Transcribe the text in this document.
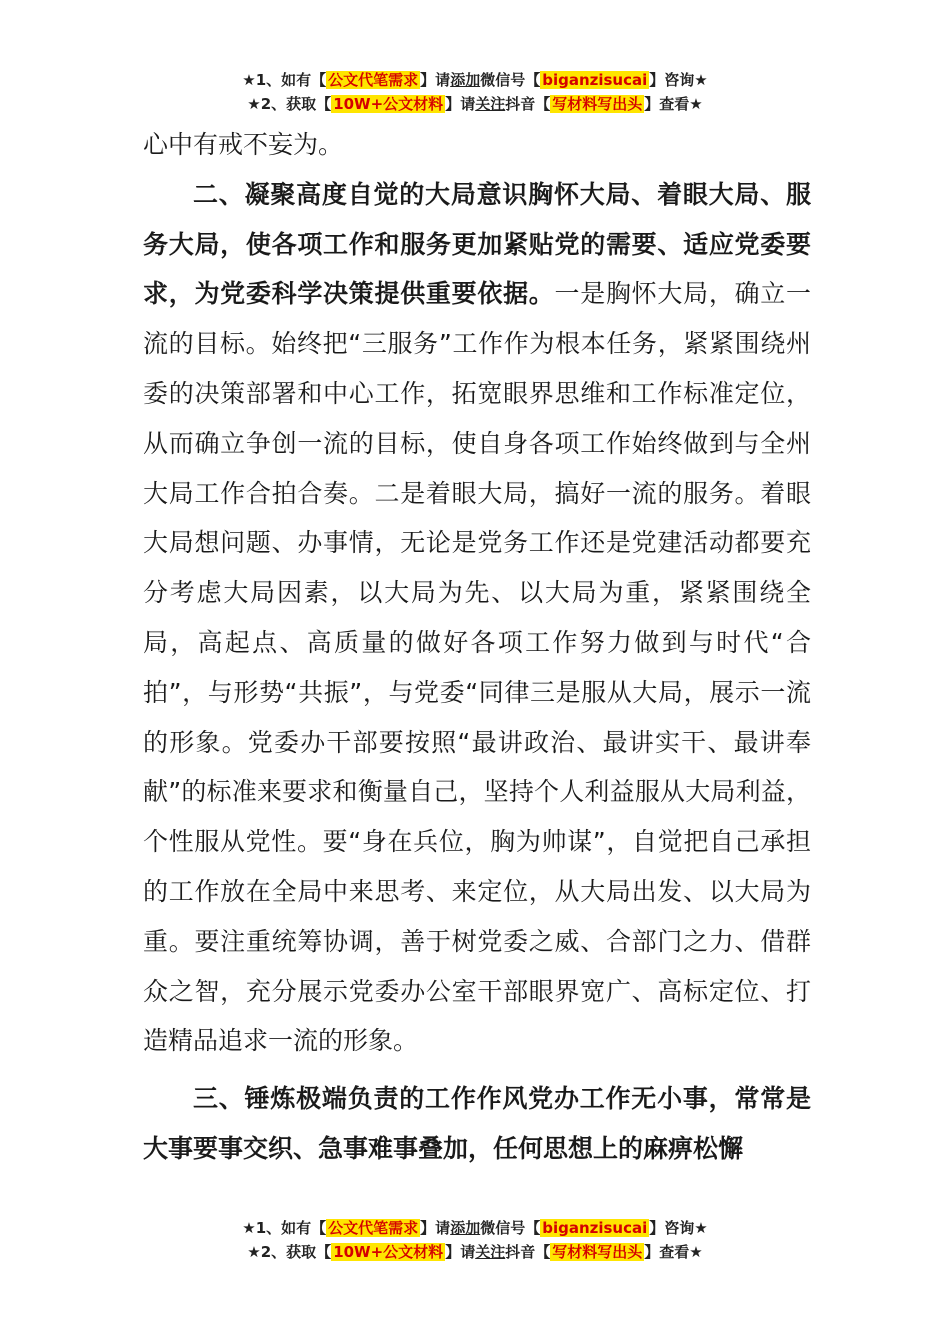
★1、如有【 公文代笔需求 】请添加微信号【 biganzisucai 】咨询★
★2、获取【 10W+公文材料 】请关注抖音【 写材料写出头 】查看★

心中有戒不妄为。

二、凝聚高度自觉的大局意识胸怀大局、着眼大局、服务大局，使各项工作和服务更加紧贴党的需要、适应党委要求，为党委科学决策提供重要依据。一是胸怀大局，确立一流的目标。始终把“三服务”工作作为根本任务，紧紧围绕州委的决策部署和中心工作，拓宽眼界思维和工作标准定位，从而确立争创一流的目标，使自身各项工作始终做到与全州大局工作合拍合奏。二是着眼大局，搞好一流的服务。着眼大局想问题、办事情，无论是党务工作还是党建活动都要充分考虑大局因素，以大局为先、以大局为重，紧紧围绕全局，高起点、高质量的做好各项工作努力做到与时代“合拍”，与形势“共振”，与党委“同律三是服从大局，展示一流的形象。党委办干部要按照“最讲政治、最讲实干、最讲奉献”的标准来要求和衡量自己，坚持个人利益服从大局利益，个性服从党性。要“身在兵位，胸为帅谋”，自觉把自己承担的工作放在全局中来思考、来定位，从大局出发、以大局为重。要注重统筹协调，善于树党委之威、合部门之力、借群众之智，充分展示党委办公室干部眼界宽广、高标定位、打造精品追求一流的形象。

三、锤炼极端负责的工作作风党办工作无小事，常常是大事要事交织、急事难事叠加，任何思想上的麻痹松懈

★1、如有【 公文代笔需求 】请添加微信号【 biganzisucai 】咨询★
★2、获取【 10W+公文材料 】请关注抖音【 写材料写出头 】查看★
